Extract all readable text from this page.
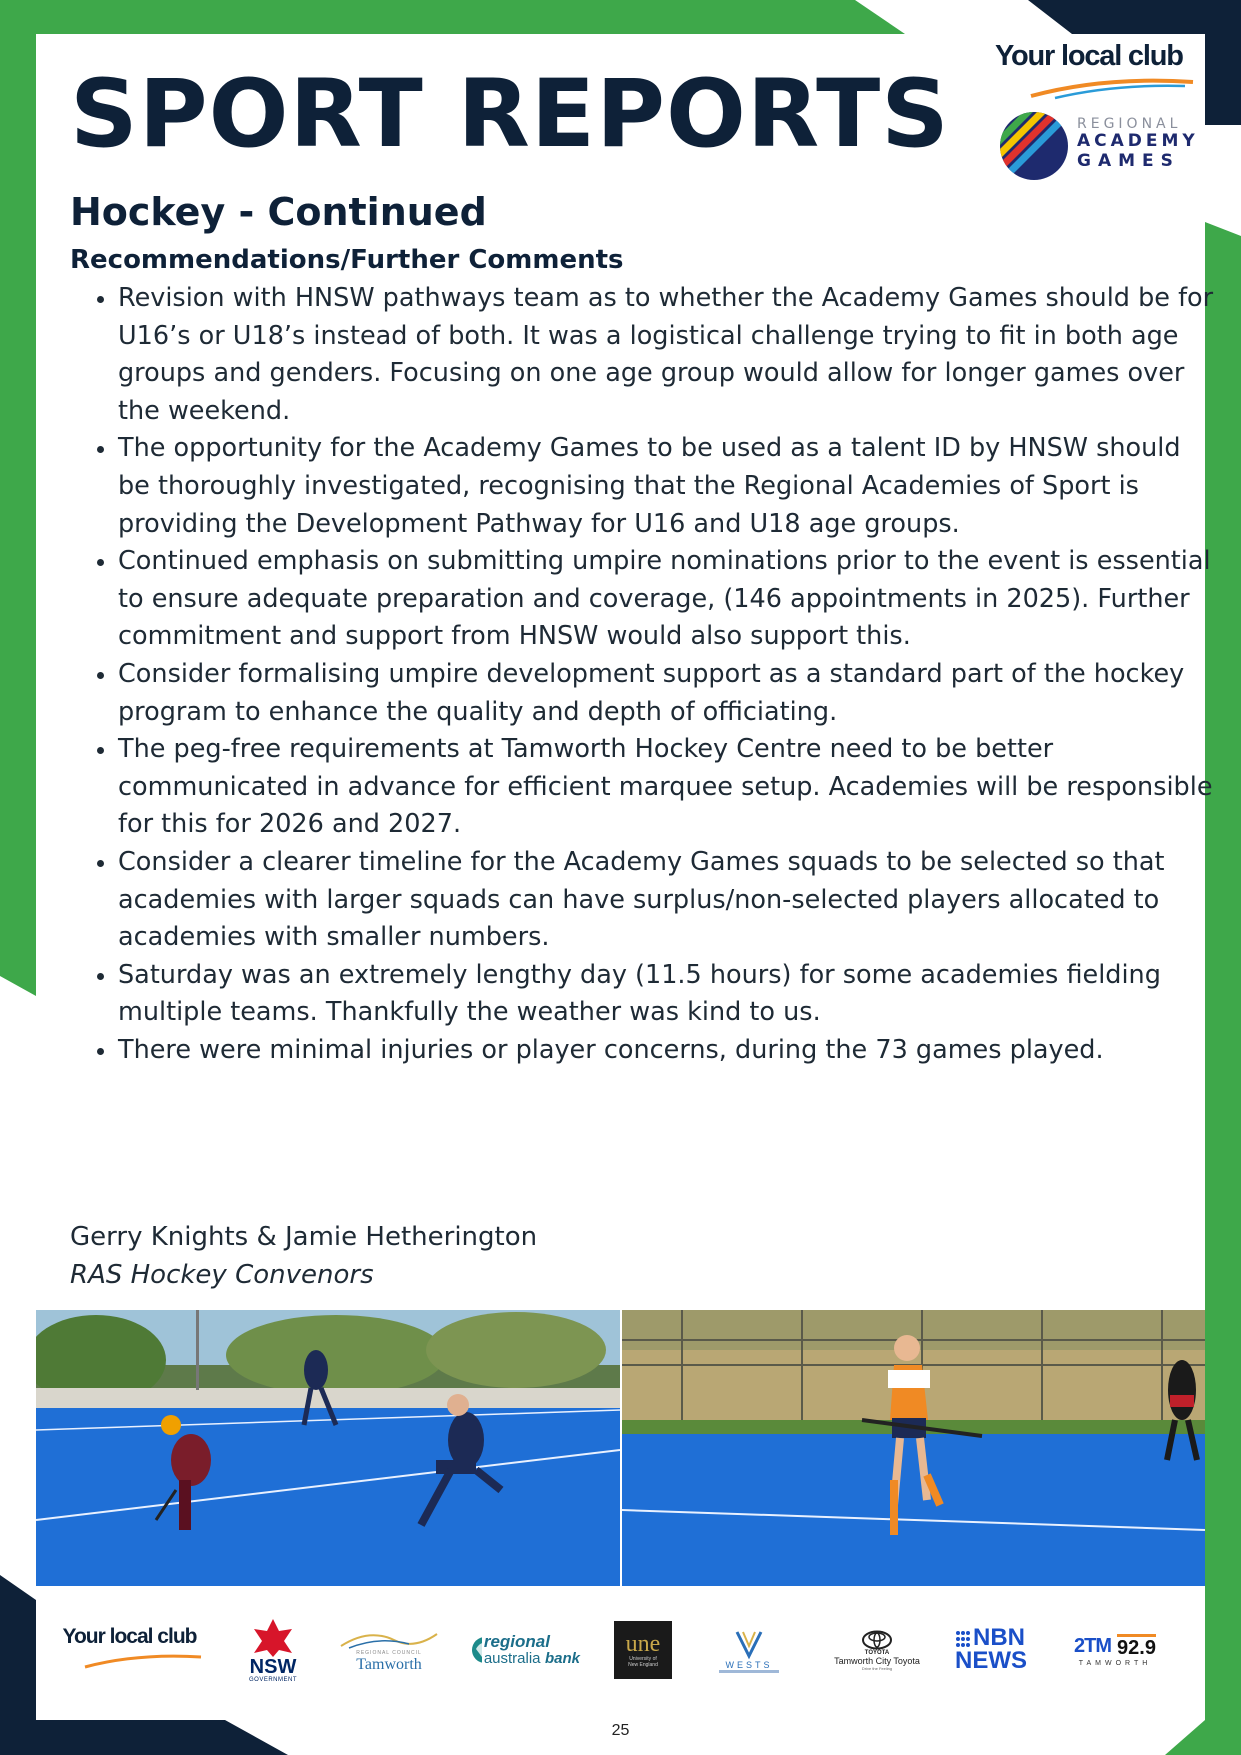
SPORT REPORTS
Your local club
REGIONAL
ACADEMY
GAMES
Hockey - Continued
Recommendations/Further Comments
• Revision with HNSW pathways team as to whether the Academy Games should be for U16’s or U18’s instead of both. It was a logistical challenge trying to fit in both age groups and genders. Focusing on one age group would allow for longer games over the weekend.
• The opportunity for the Academy Games to be used as a talent ID by HNSW should be thoroughly investigated, recognising that the Regional Academies of Sport is providing the Development Pathway for U16 and U18 age groups.
• Continued emphasis on submitting umpire nominations prior to the event is essential to ensure adequate preparation and coverage, (146 appointments in 2025). Further commitment and support from HNSW would also support this.
• Consider formalising umpire development support as a standard part of the hockey program to enhance the quality and depth of officiating.
• The peg-free requirements at Tamworth Hockey Centre need to be better communicated in advance for efficient marquee setup. Academies will be responsible for this for 2026 and 2027.
• Consider a clearer timeline for the Academy Games squads to be selected so that academies with larger squads can have surplus/non-selected players allocated to academies with smaller numbers.
• Saturday was an extremely lengthy day (11.5 hours) for some academies fielding multiple teams. Thankfully the weather was kind to us.
• There were minimal injuries or player concerns, during the 73 games played.
Gerry Knights & Jamie Hetherington
RAS Hockey Convenors
Your local club
NSW
GOVERNMENT
REGIONAL COUNCIL
Tamworth
regional
australia bank
une
University of
New England	WESTS
TOYOTA
Tamworth City Toyota
Drive the Feeling
NBN
NEWS
2TM 92.9
TAMWORTH
25
